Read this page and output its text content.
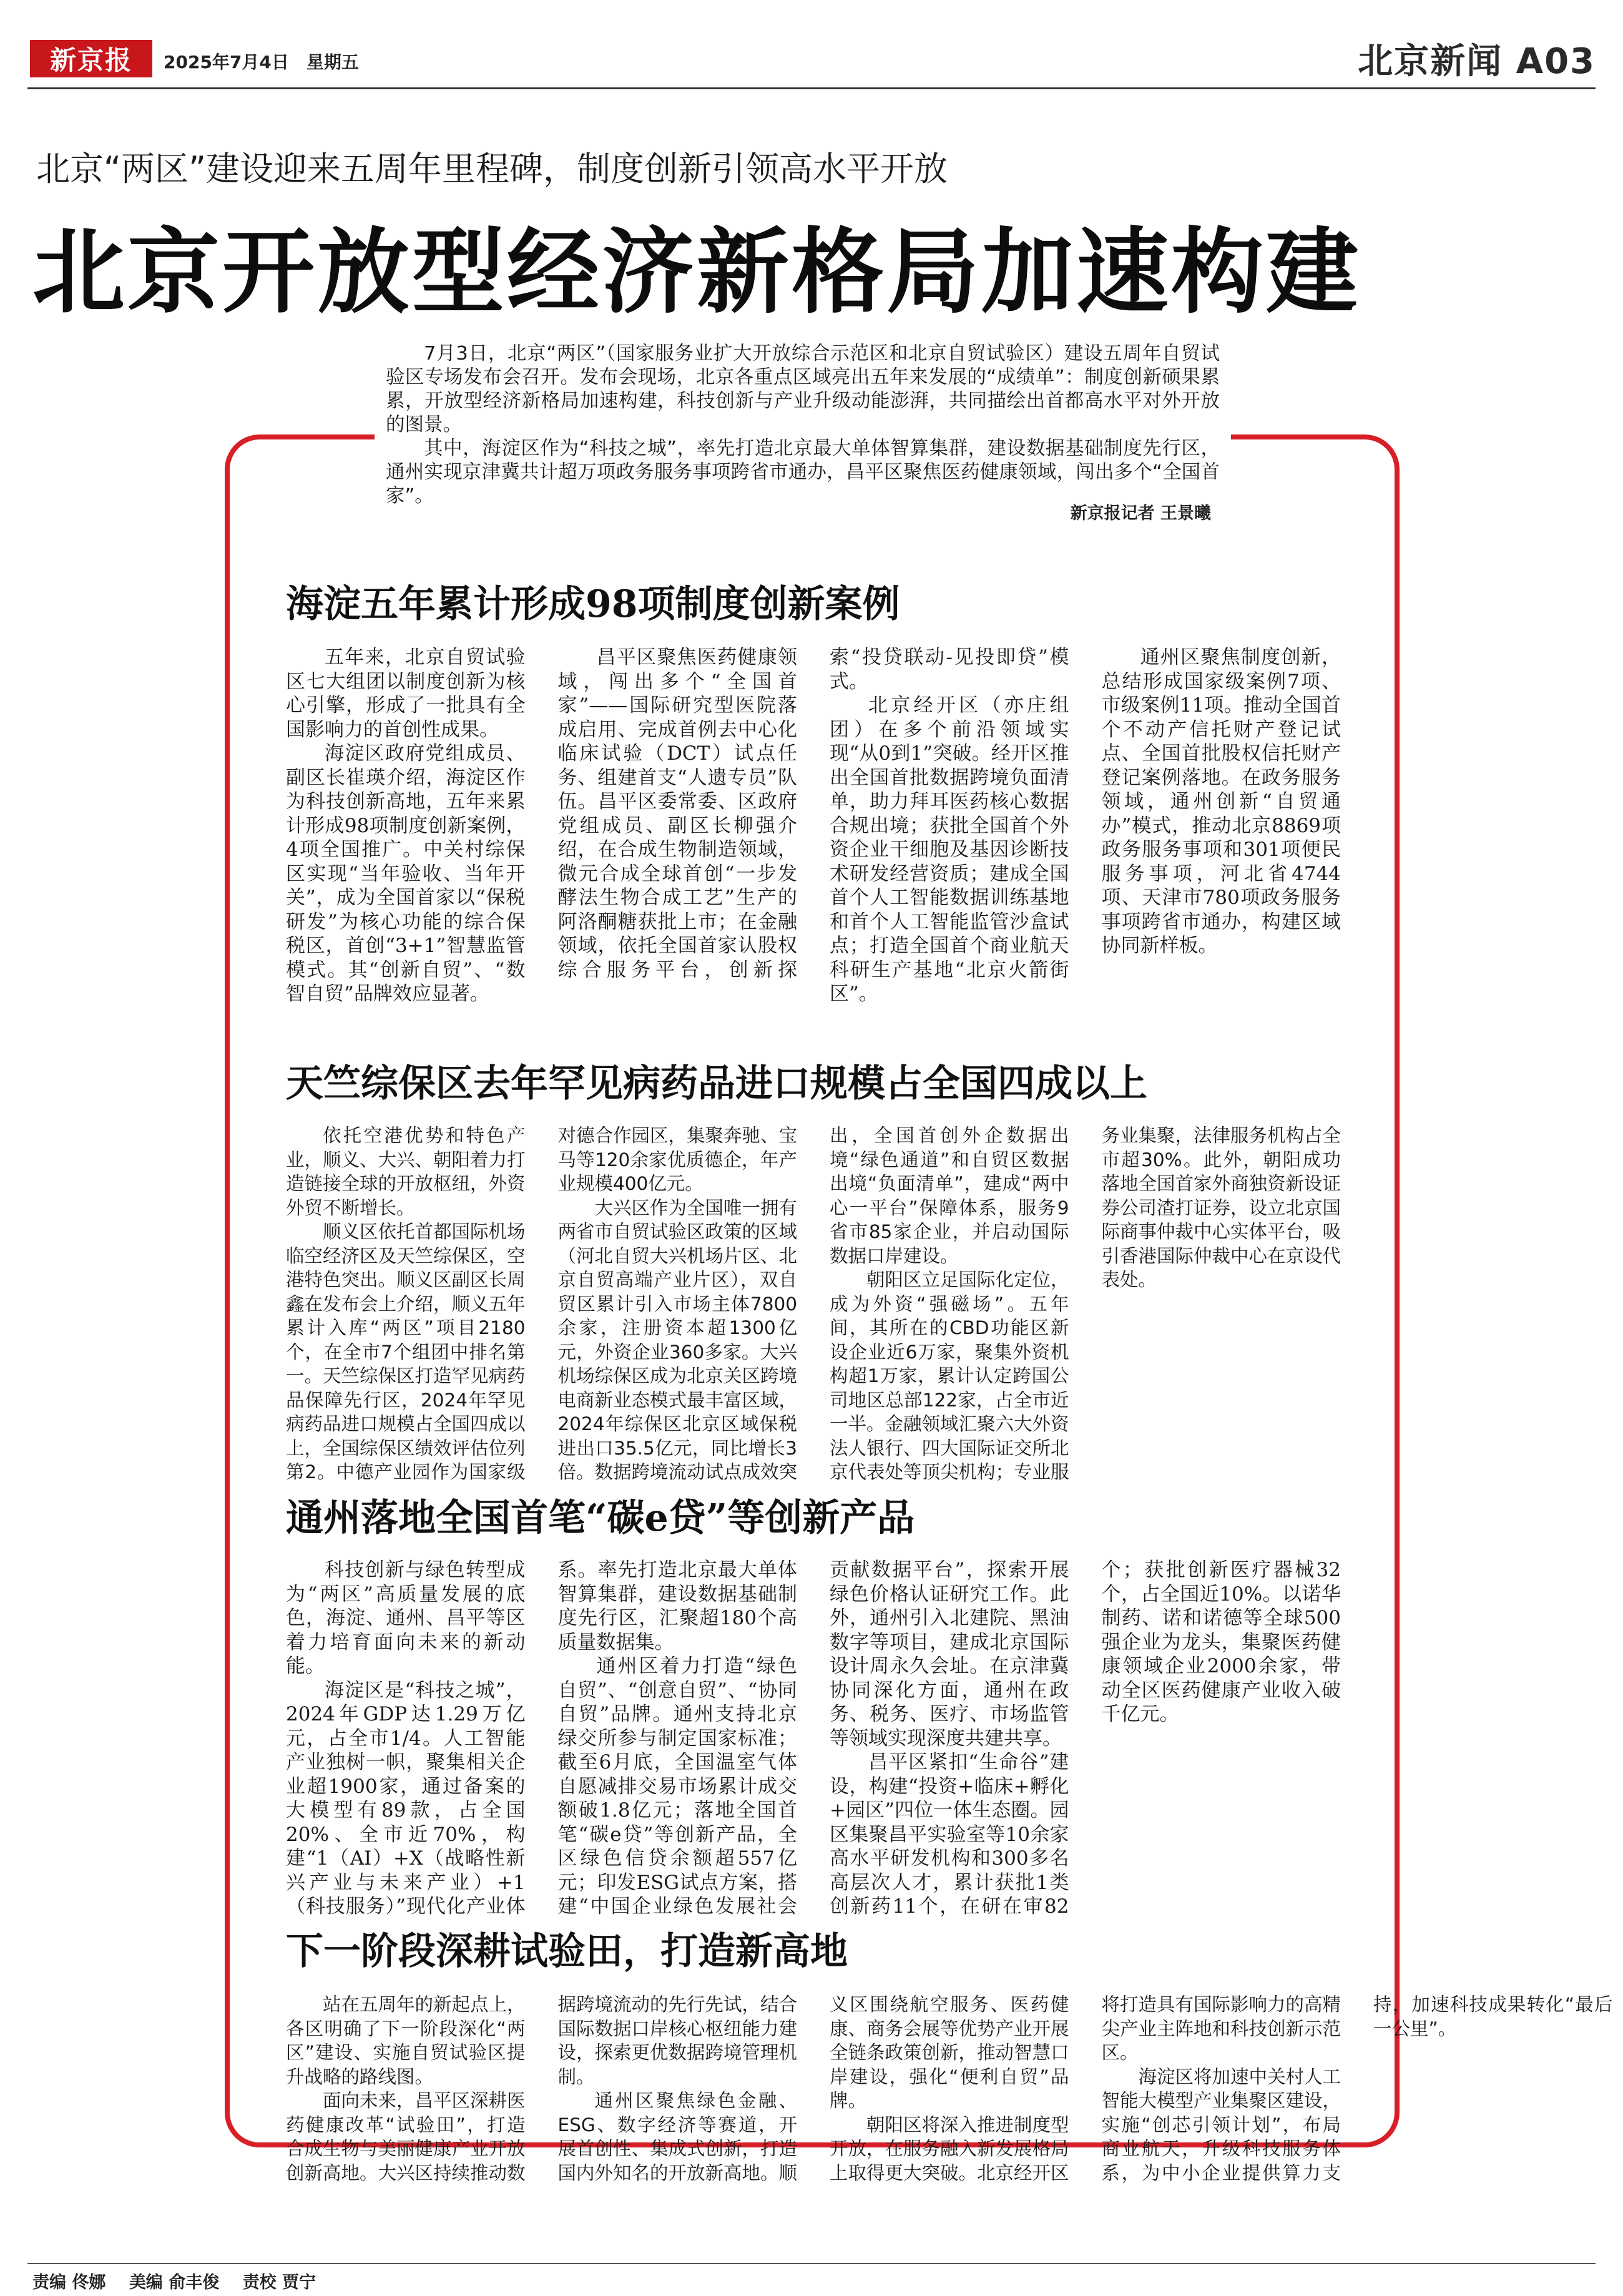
新京报 2025年7月4日　星期五	北京新闻 A03
北京“两区”建设迎来五周年里程碑，制度创新引领高水平开放
北京开放型经济新格局加速构建

7月3日，北京“两区”（国家服务业扩大开放综合示范区和北京自贸试验区）建设五周年自贸试验区专场发布会召开。发布会现场，北京各重点区域亮出五年来发展的“成绩单”：制度创新硕果累累，开放型经济新格局加速构建，科技创新与产业升级动能澎湃，共同描绘出首都高水平对外开放的图景。

其中，海淀区作为“科技之城”，率先打造北京最大单体智算集群，建设数据基础制度先行区，通州实现京津冀共计超万项政务服务事项跨省市通办，昌平区聚焦医药健康领域，闯出多个“全国首家”。

新京报记者 王景曦
海淀五年累计形成98项制度创新案例

五年来，北京自贸试验区七大组团以制度创新为核心引擎，形成了一批具有全国影响力的首创性成果。

海淀区政府党组成员、副区长崔瑛介绍，海淀区作为科技创新高地，五年来累计形成98项制度创新案例，4项全国推广。中关村综保区实现“当年验收、当年开关”，成为全国首家以“保税研发”为核心功能的综合保税区，首创“3+1”智慧监管模式。其“创新自贸”、“数智自贸”品牌效应显著。

昌平区聚焦医药健康领域，闯出多个“全国首家”——国际研究型医院落成启用、完成首例去中心化临床试验（DCT）试点任务、组建首支“人遗专员”队伍。昌平区委常委、区政府党组成员、副区长柳强介绍，在合成生物制造领域，微元合成全球首创“一步发酵法生物合成工艺”生产的阿洛酮糖获批上市；在金融领域，依托全国首家认股权综合服务平台，创新探索“投贷联动-见投即贷”模式。

北京经开区（亦庄组团）在多个前沿领域实现“从0到1”突破。经开区推出全国首批数据跨境负面清单，助力拜耳医药核心数据合规出境；获批全国首个外资企业干细胞及基因诊断技术研发经营资质；建成全国首个人工智能数据训练基地和首个人工智能监管沙盒试点；打造全国首个商业航天科研生产基地“北京火箭街区”。

通州区聚焦制度创新，总结形成国家级案例7项、市级案例11项。推动全国首个不动产信托财产登记试点、全国首批股权信托财产登记案例落地。在政务服务领域，通州创新“自贸通办”模式，推动北京8869项政务服务事项和301项便民服务事项，河北省4744项、天津市780项政务服务事项跨省市通办，构建区域协同新样板。

天竺综保区去年罕见病药品进口规模占全国四成以上

依托空港优势和特色产业，顺义、大兴、朝阳着力打造链接全球的开放枢纽，外资外贸不断增长。

顺义区依托首都国际机场临空经济区及天竺综保区，空港特色突出。顺义区副区长周鑫在发布会上介绍，顺义五年累计入库“两区”项目2180个，在全市7个组团中排名第一。天竺综保区打造罕见病药品保障先行区，2024年罕见病药品进口规模占全国四成以上，全国综保区绩效评估位列第2。中德产业园作为国家级对德合作园区，集聚奔驰、宝马等120余家优质德企，年产业规模400亿元。

大兴区作为全国唯一拥有两省市自贸试验区政策的区域（河北自贸大兴机场片区、北京自贸高端产业片区），双自贸区累计引入市场主体7800余家，注册资本超1300亿元，外资企业360多家。大兴机场综保区成为北京关区跨境电商新业态模式最丰富区域，2024年综保区北京区域保税进出口35.5亿元，同比增长3倍。数据跨境流动试点成效突出，全国首创外企数据出境“绿色通道”和自贸区数据出境“负面清单”，建成“两中心一平台”保障体系，服务9省市85家企业，并启动国际数据口岸建设。

朝阳区立足国际化定位，成为外资“强磁场”。五年间，其所在的CBD功能区新设企业近6万家，聚集外资机构超1万家，累计认定跨国公司地区总部122家，占全市近一半。金融领域汇聚六大外资法人银行、四大国际证交所北京代表处等顶尖机构；专业服务业集聚，法律服务机构占全市超30%。此外，朝阳成功落地全国首家外商独资新设证券公司渣打证券，设立北京国际商事仲裁中心实体平台，吸引香港国际仲裁中心在京设代表处。

通州落地全国首笔“碳e贷”等创新产品

科技创新与绿色转型成为“两区”高质量发展的底色，海淀、通州、昌平等区着力培育面向未来的新动能。

海淀区是“科技之城”，2024年GDP达1.29万亿元，占全市1/4。人工智能产业独树一帜，聚集相关企业超1900家，通过备案的大模型有89款，占全国20%、全市近70%，构建“1（AI）+X（战略性新兴产业与未来产业）+1（科技服务）”现代化产业体系。率先打造北京最大单体智算集群，建设数据基础制度先行区，汇聚超180个高质量数据集。

通州区着力打造“绿色自贸”、“创意自贸”、“协同自贸”品牌。通州支持北京绿交所参与制定国家标准；截至6月底，全国温室气体自愿减排交易市场累计成交额破1.8亿元；落地全国首笔“碳e贷”等创新产品，全区绿色信贷余额超557亿元；印发ESG试点方案，搭建“中国企业绿色发展社会贡献数据平台”，探索开展绿色价格认证研究工作。此外，通州引入北建院、黑油数字等项目，建成北京国际设计周永久会址。在京津冀协同深化方面，通州在政务、税务、医疗、市场监管等领域实现深度共建共享。

昌平区紧扣“生命谷”建设，构建“投资+临床+孵化+园区”四位一体生态圈。园区集聚昌平实验室等10余家高水平研发机构和300多名高层次人才，累计获批1类创新药11个，在研在审82个；获批创新医疗器械32个，占全国近10%。以诺华制药、诺和诺德等全球500强企业为龙头，集聚医药健康领域企业2000余家，带动全区医药健康产业收入破千亿元。

下一阶段深耕试验田，打造新高地

站在五周年的新起点上，各区明确了下一阶段深化“两区”建设、实施自贸试验区提升战略的路线图。

面向未来，昌平区深耕医药健康改革“试验田”，打造合成生物与美丽健康产业开放创新高地。大兴区持续推动数据跨境流动的先行先试，结合国际数据口岸核心枢纽能力建设，探索更优数据跨境管理机制。

通州区聚焦绿色金融、ESG、数字经济等赛道，开展首创性、集成式创新，打造国内外知名的开放新高地。顺义区围绕航空服务、医药健康、商务会展等优势产业开展全链条政策创新，推动智慧口岸建设，强化“便利自贸”品牌。

朝阳区将深入推进制度型开放，在服务融入新发展格局上取得更大突破。北京经开区将打造具有国际影响力的高精尖产业主阵地和科技创新示范区。

海淀区将加速中关村人工智能大模型产业集聚区建设，实施“创芯引领计划”，布局商业航天，升级科技服务体系，为中小企业提供算力支持，加速科技成果转化“最后一公里”。

责编 佟娜 美编 俞丰俊 责校 贾宁
